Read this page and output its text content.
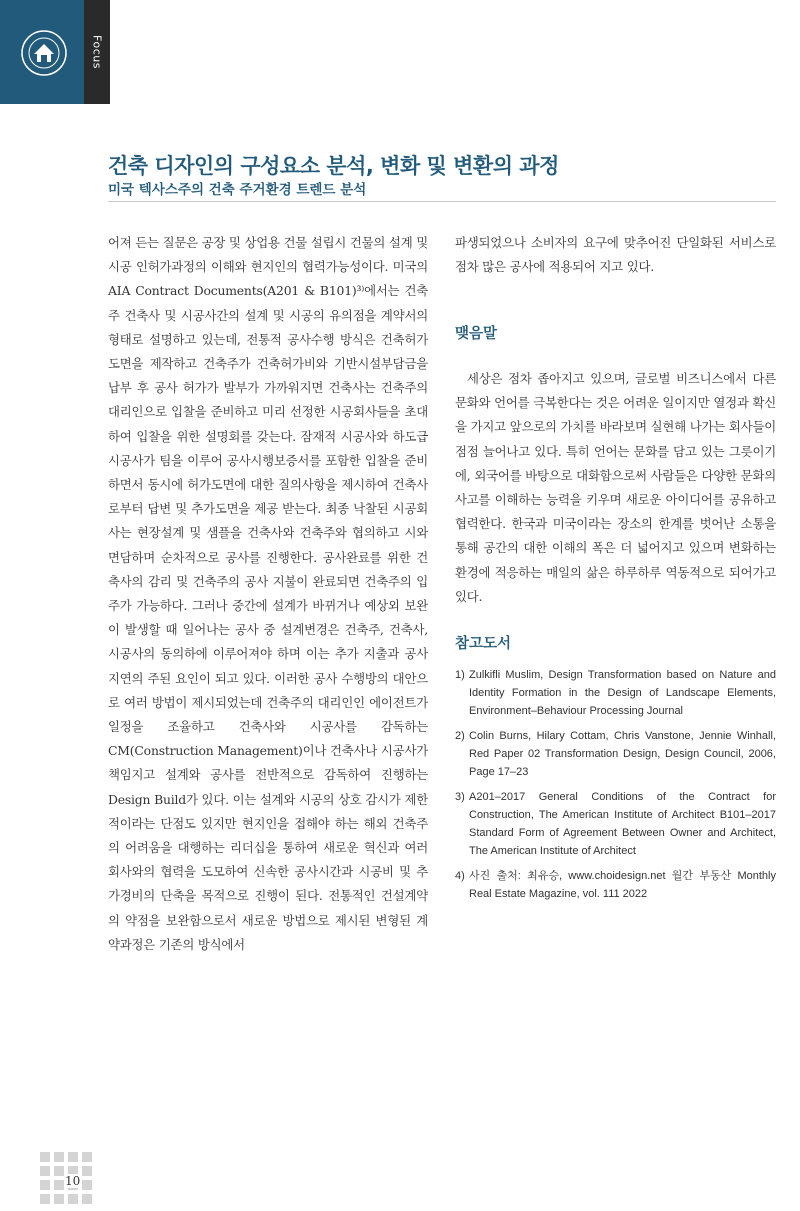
Focus
건축 디자인의 구성요소 분석, 변화 및 변환의 과정
미국 텍사스주의 건축 주거환경 트렌드 분석

어져 든는 질문은 공장 및 상업용 건물 설립시 건물의 설계 및 시공 인허가과정의 이해와 현지인의 협력가능성이다. 미국의 AIA Contract Documents(A201 & B101)³⁾에서는 건축주 건축사 및 시공사간의 설계 및 시공의 유의점을 계약서의 형태로 설명하고 있는데, 전통적 공사수행 방식은 건축허가도면을 제작하고 건축주가 건축허가비와 기반시설부담금을 납부 후 공사 허가가 발부가 가까워지면 건축사는 건축주의 대리인으로 입찰을 준비하고 미리 선정한 시공회사들을 초대하여 입찰을 위한 설명회를 갖는다. 잠재적 시공사와 하도급시공사가 팀을 이루어 공사시행보증서를 포함한 입찰을 준비하면서 동시에 허가도면에 대한 질의사항을 제시하여 건축사로부터 답변 및 추가도면을 제공 받는다. 최종 낙찰된 시공회사는 현장설계 및 샘플을 건축사와 건축주와 협의하고 시와 면담하며 순차적으로 공사를 진행한다. 공사완료를 위한 건축사의 감리 및 건축주의 공사 지불이 완료되면 건축주의 입주가 가능하다. 그러나 중간에 설계가 바뀌거나 예상외 보완이 발생할 때 일어나는 공사 중 설계변경은 건축주, 건축사, 시공사의 동의하에 이루어져야 하며 이는 추가 지출과 공사 지연의 주된 요인이 되고 있다. 이러한 공사 수행방의 대안으로 여러 방법이 제시되었는데 건축주의 대리인인 에이전트가 일정을 조율하고 건축사와 시공사를 감독하는 CM(Construction Management)이나 건축사나 시공사가 책임지고 설계와 공사를 전반적으로 감독하여 진행하는 Design Build가 있다. 이는 설계와 시공의 상호 감시가 제한적이라는 단점도 있지만 현지인을 접해야 하는 해외 건축주의 어려움을 대행하는 리더십을 통하여 새로운 혁신과 여러 회사와의 협력을 도모하여 신속한 공사시간과 시공비 및 추가경비의 단축을 목적으로 진행이 된다. 전통적인 건설계약의 약점을 보완함으로서 새로운 방법으로 제시된 변형된 계약과정은 기존의 방식에서

파생되었으나 소비자의 요구에 맞추어진 단일화된 서비스로 점차 많은 공사에 적용되어 지고 있다.

맺음말

세상은 점차 좁아지고 있으며, 글로벌 비즈니스에서 다른 문화와 언어를 극복한다는 것은 어려운 일이지만 열정과 확신을 가지고 앞으로의 가치를 바라보며 실현해 나가는 회사들이 점점 늘어나고 있다. 특히 언어는 문화를 담고 있는 그릇이기에, 외국어를 바탕으로 대화함으로써 사람들은 다양한 문화의 사고를 이해하는 능력을 키우며 새로운 아이디어를 공유하고 협력한다. 한국과 미국이라는 장소의 한계를 벗어난 소통을 통해 공간의 대한 이해의 폭은 더 넓어지고 있으며 변화하는 환경에 적응하는 매일의 삶은 하루하루 역동적으로 되어가고 있다.

참고도서
1) Zulkifli Muslim, Design Transformation based on Nature and Identity Formation in the Design of Landscape Elements, Environment–Behaviour Processing Journal
2) Colin Burns, Hilary Cottam, Chris Vanstone, Jennie Winhall, Red Paper 02 Transformation Design, Design Council, 2006, Page 17–23
3) A201–2017 General Conditions of the Contract for Construction, The American Institute of Architect B101–2017 Standard Form of Agreement Between Owner and Architect, The American Institute of Architect
4) 사진 출처: 최유승, www.choidesign.net 월간 부동산 Monthly Real Estate Magazine, vol. 111 2022
10
